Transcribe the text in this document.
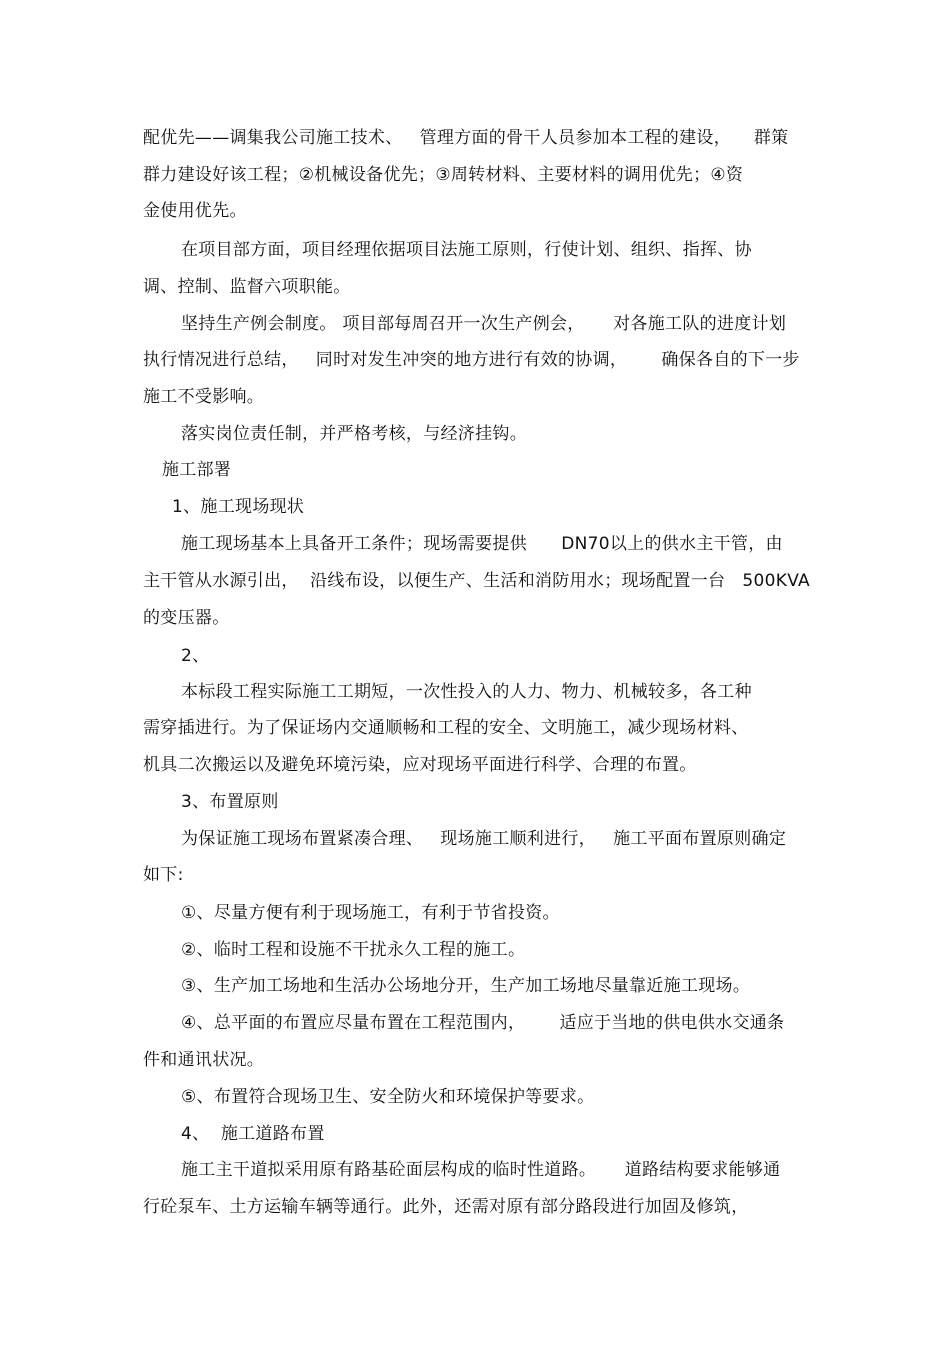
配优先——调集我公司施工技术、   管理方面的骨干人员参加本工程的建设，    群策
群力建设好该工程；②机械设备优先；③周转材料、主要材料的调用优先；④资
金使用优先。
在项目部方面，项目经理依据项目法施工原则，行使计划、组织、指挥、协
调、控制、监督六项职能。
坚持生产例会制度。 项目部每周召开一次生产例会，     对各施工队的进度计划
执行情况进行总结，   同时对发生冲突的地方进行有效的协调，      确保各自的下一步
施工不受影响。
落实岗位责任制，并严格考核，与经济挂钩。
施工部署
1、施工现场现状
施工现场基本上具备开工条件；现场需要提供      DN70以上的供水主干管，由
主干管从水源引出，  沿线布设，以便生产、生活和消防用水；现场配置一台   500KVA
的变压器。
2、
本标段工程实际施工工期短，一次性投入的人力、物力、机械较多，各工种
需穿插进行。为了保证场内交通顺畅和工程的安全、文明施工，减少现场材料、
机具二次搬运以及避免环境污染，应对现场平面进行科学、合理的布置。
3、布置原则
为保证施工现场布置紧凑合理、   现场施工顺利进行，   施工平面布置原则确定
如下:
①、尽量方便有利于现场施工，有利于节省投资。
②、临时工程和设施不干扰永久工程的施工。
③、生产加工场地和生活办公场地分开，生产加工场地尽量靠近施工现场。
④、总平面的布置应尽量布置在工程范围内，      适应于当地的供电供水交通条
件和通讯状况。
⑤、布置符合现场卫生、安全防火和环境保护等要求。
4、  施工道路布置
施工主干道拟采用原有路基砼面层构成的临时性道路。     道路结构要求能够通
行砼泵车、土方运输车辆等通行。此外，还需对原有部分路段进行加固及修筑，
